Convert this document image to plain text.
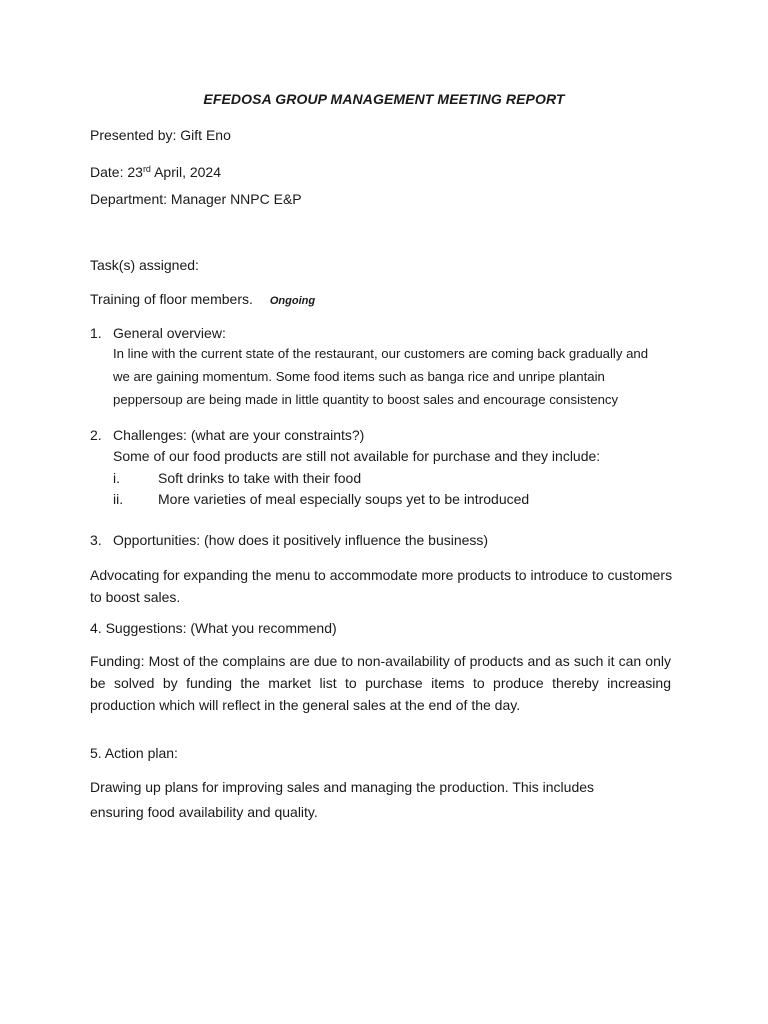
EFEDOSA GROUP MANAGEMENT MEETING REPORT
Presented by: Gift Eno
Date: 23rd April, 2024
Department: Manager NNPC E&P
Task(s) assigned:
Training of floor members. Ongoing
1. General overview:
In line with the current state of the restaurant, our customers are coming back gradually and
we are gaining momentum. Some food items such as banga rice and unripe plantain
peppersoup are being made in little quantity to boost sales and encourage consistency
2. Challenges: (what are your constraints?)
Some of our food products are still not available for purchase and they include:
i.	Soft drinks to take with their food
ii. More varieties of meal especially soups yet to be introduced
3. Opportunities: (how does it positively influence the business)
Advocating for expanding the menu to accommodate more products to introduce to customers
to boost sales.
4. Suggestions: (What you recommend)
Funding: Most of the complains are due to non-availability of products and as such it can only
be solved by funding the market list to purchase items to produce thereby increasing
production which will reflect in the general sales at the end of the day.
5. Action plan:
Drawing up plans for improving sales and managing the production. This includes
ensuring food availability and quality.
